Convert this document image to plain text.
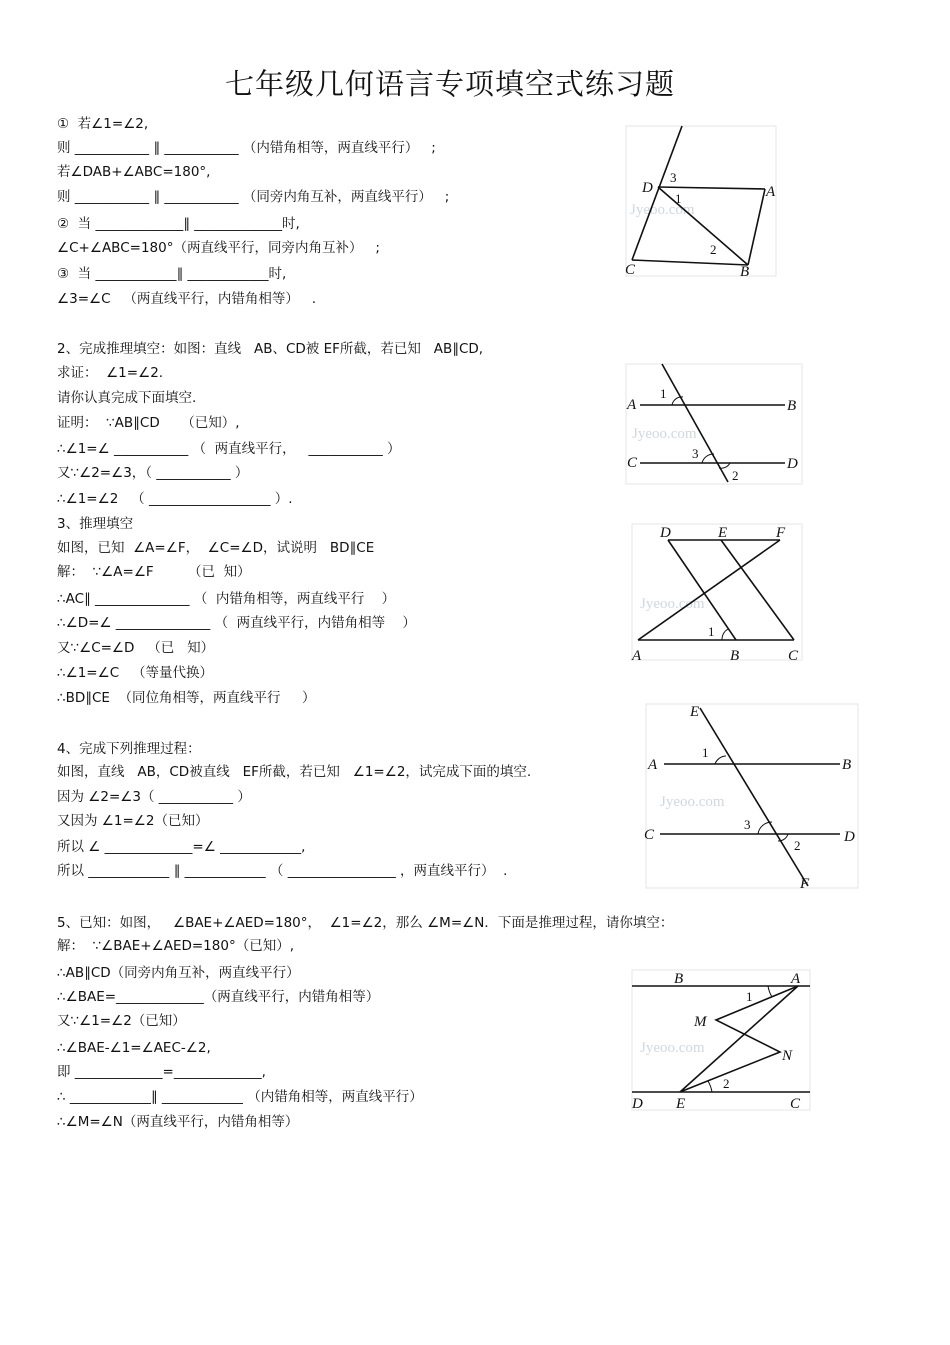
七年级几何语言专项填空式练习题
①  若∠1=∠2,
则 ___________ ∥ ___________ （内错角相等，两直线平行）   ;
若∠DAB+∠ABC=180°,
则 ___________ ∥ ___________ （同旁内角互补，两直线平行）   ;
②  当 _____________∥ _____________时,
∠C+∠ABC=180°（两直线平行，同旁内角互补）   ;
③  当 ____________∥ ____________时,
∠3=∠C   （两直线平行，内错角相等）   .
2、完成推理填空：如图：直线   AB、CD被 EF所截，若已知   AB∥CD,
求证：  ∠1=∠2.
请你认真完成下面填空.
证明：  ∵AB∥CD     （已知）,
∴∠1=∠ ___________ （  两直线平行，   ___________ ）
又∵∠2=∠3，（ ___________ ）
∴∠1=∠2   （ __________________ ）.
3、推理填空
如图，已知  ∠A=∠F，  ∠C=∠D，试说明   BD∥CE
解：  ∵∠A=∠F        （已  知）
∴AC∥ ______________ （  内错角相等，两直线平行    ）
∴∠D=∠ ______________ （  两直线平行，内错角相等    ）
又∵∠C=∠D   （已   知）
∴∠1=∠C   （等量代换）
∴BD∥CE  （同位角相等，两直线平行     ）
4、完成下列推理过程：
如图，直线   AB，CD被直线   EF所截，若已知   ∠1=∠2，试完成下面的填空.
因为 ∠2=∠3（ ___________ ）
又因为 ∠1=∠2（已知）
所以 ∠ _____________=∠ ____________,
所以 ____________ ∥ ____________ （ ________________ ，两直线平行）  .
5、已知：如图，   ∠BAE+∠AED=180°，  ∠1=∠2，那么 ∠M=∠N．下面是推理过程，请你填空：
解：  ∵∠BAE+∠AED=180°（已知）,
∴AB∥CD（同旁内角互补，两直线平行）
∴∠BAE=_____________（两直线平行，内错角相等）
又∵∠1=∠2（已知）
∴∠BAE-∠1=∠AEC-∠2,
即 _____________=_____________,
∴ ____________∥ ____________ （内错角相等，两直线平行）
∴∠M=∠N（两直线平行，内错角相等）
Jyeoo.com
D	A
C	B
3
1
2
Jyeoo.com
A	B
C	D
1
3
2
Jyeoo.com
D	E	F
A	B	C
1
Jyeoo.com
E
A	B
C	D
F
1
3
2
Jyeoo.com
B	A
M
N
D E	C
1
2
